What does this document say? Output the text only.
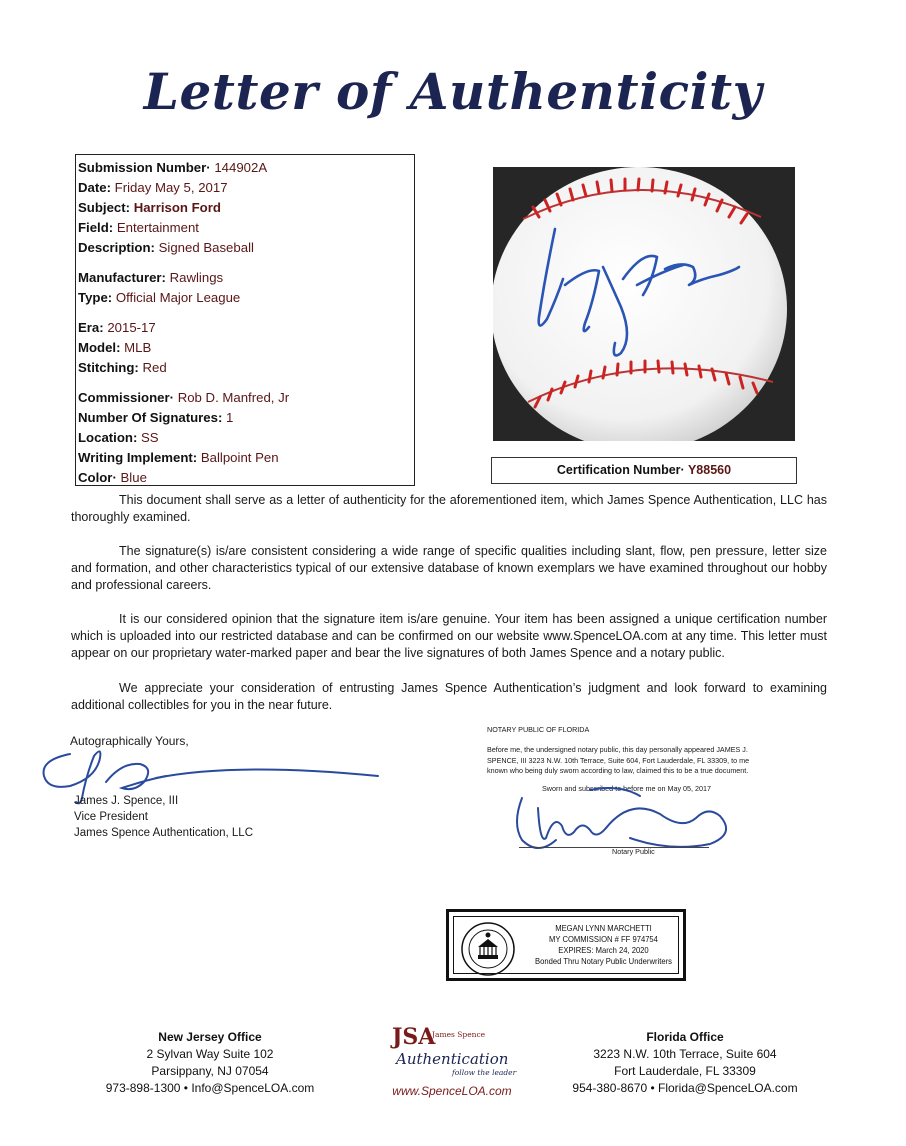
Letter of Authenticity
Submission Number· 144902A
Date: Friday May 5, 2017
Subject: Harrison Ford
Field: Entertainment
Description: Signed Baseball
Manufacturer: Rawlings
Type: Official Major League
Era: 2015-17
Model: MLB
Stitching: Red
Commissioner· Rob D. Manfred, Jr
Number Of Signatures: 1
Location: SS
Writing Implement: Ballpoint Pen
Color· Blue	Certification Number· Y88560
This document shall serve as a letter of authenticity for the aforementioned item, which James Spence Authentication, LLC has thoroughly examined.
The signature(s) is/are consistent considering a wide range of specific qualities including slant, flow, pen pressure, letter size and formation, and other characteristics typical of our extensive database of known exemplars we have examined throughout our hobby and professional careers.
It is our considered opinion that the signature item is/are genuine. Your item has been assigned a unique certification number which is uploaded into our restricted database and can be confirmed on our website www.SpenceLOA.com at any time. This letter must appear on our proprietary water-marked paper and bear the live signatures of both James Spence and a notary public.
We appreciate your consideration of entrusting James Spence Authentication’s judgment and look forward to examining additional collectibles for you in the near future.
Autographically Yours,
James J. Spence, III
Vice President
James Spence Authentication, LLC
NOTARY PUBLIC OF FLORIDA
Before me, the undersigned notary public, this day personally appeared JAMES J.
SPENCE, III 3223 N.W. 10th Terrace, Suite 604, Fort Lauderdale, FL 33309, to me
known who being duly sworn according to law, claimed this to be a true document.
Sworn and subscribed to before me on May 05, 2017
Notary Public
MEGAN LYNN MARCHETTI
MY COMMISSION # FF 974754
EXPIRES: March 24, 2020
Bonded Thru Notary Public Underwriters
New Jersey Office
2 Sylvan Way Suite 102
Parsippany, NJ 07054
973-898-1300 • Info@SpenceLOA.com
JSA
James Spence
Authentication
follow the leader
www.SpenceLOA.com
Florida Office
3223 N.W. 10th Terrace, Suite 604
Fort Lauderdale, FL 33309
954-380-8670 • Florida@SpenceLOA.com
